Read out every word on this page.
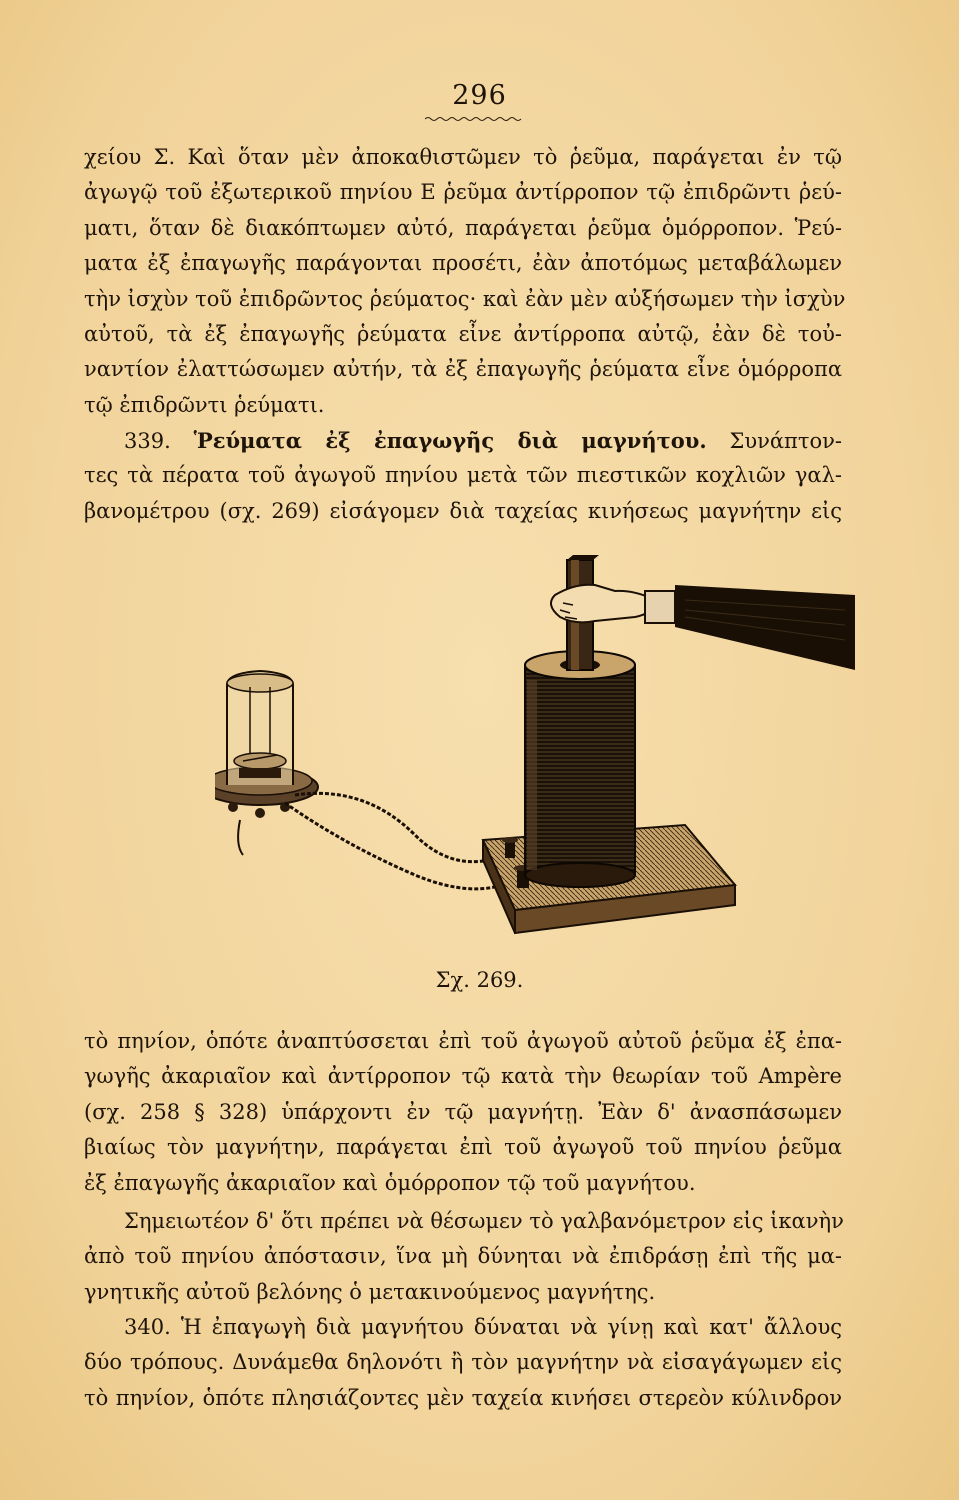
296
χείου Σ. Καὶ ὅταν μὲν ἀποκαθιστῶμεν τὸ ῥεῦμα, παράγεται ἐν τῷ
ἀγωγῷ τοῦ ἐξωτερικοῦ πηνίου Ε ῥεῦμα ἀντίρροπον τῷ ἐπιδρῶντι ῥεύ-
ματι, ὅταν δὲ διακόπτωμεν αὐτό, παράγεται ῥεῦμα ὁμόρροπον. Ῥεύ-
ματα ἐξ ἐπαγωγῆς παράγονται προσέτι, ἐὰν ἀποτόμως μεταβάλωμεν
τὴν ἰσχὺν τοῦ ἐπιδρῶντος ῥεύματος· καὶ ἐὰν μὲν αὐξήσωμεν τὴν ἰσχὺν
αὐτοῦ, τὰ ἐξ ἐπαγωγῆς ῥεύματα εἶνε ἀντίρροπα αὐτῷ, ἐὰν δὲ τοὐ-
ναντίον ἐλαττώσωμεν αὐτήν, τὰ ἐξ ἐπαγωγῆς ῥεύματα εἶνε ὁμόρροπα
τῷ ἐπιδρῶντι ῥεύματι.
339. Ῥεύματα ἐξ ἐπαγωγῆς διὰ μαγνήτου. Συνάπτον-
τες τὰ πέρατα τοῦ ἀγωγοῦ πηνίου μετὰ τῶν πιεστικῶν κοχλιῶν γαλ-
βανομέτρου (σχ. 269) εἰσάγομεν διὰ ταχείας κινήσεως μαγνήτην εἰς
Σχ. 269.
τὸ πηνίον, ὁπότε ἀναπτύσσεται ἐπὶ τοῦ ἀγωγοῦ αὐτοῦ ῥεῦμα ἐξ ἐπα-
γωγῆς ἀκαριαῖον καὶ ἀντίρροπον τῷ κατὰ τὴν θεωρίαν τοῦ Ampère
(σχ. 258 § 328) ὑπάρχοντι ἐν τῷ μαγνήτῃ. Ἐὰν δ' ἀνασπάσωμεν
βιαίως τὸν μαγνήτην, παράγεται ἐπὶ τοῦ ἀγωγοῦ τοῦ πηνίου ῥεῦμα
ἐξ ἐπαγωγῆς ἀκαριαῖον καὶ ὁμόρροπον τῷ τοῦ μαγνήτου.
Σημειωτέον δ' ὅτι πρέπει νὰ θέσωμεν τὸ γαλβανόμετρον εἰς ἱκανὴν
ἀπὸ τοῦ πηνίου ἀπόστασιν, ἵνα μὴ δύνηται νὰ ἐπιδράσῃ ἐπὶ τῆς μα-
γνητικῆς αὐτοῦ βελόνης ὁ μετακινούμενος μαγνήτης.
340. Ἡ ἐπαγωγὴ διὰ μαγνήτου δύναται νὰ γίνῃ καὶ κατ' ἄλλους
δύο τρόπους. Δυνάμεθα δηλονότι ἢ τὸν μαγνήτην νὰ εἰσαγάγωμεν εἰς
τὸ πηνίον, ὁπότε πλησιάζοντες μὲν ταχεία κινήσει στερεὸν κύλινδρον
